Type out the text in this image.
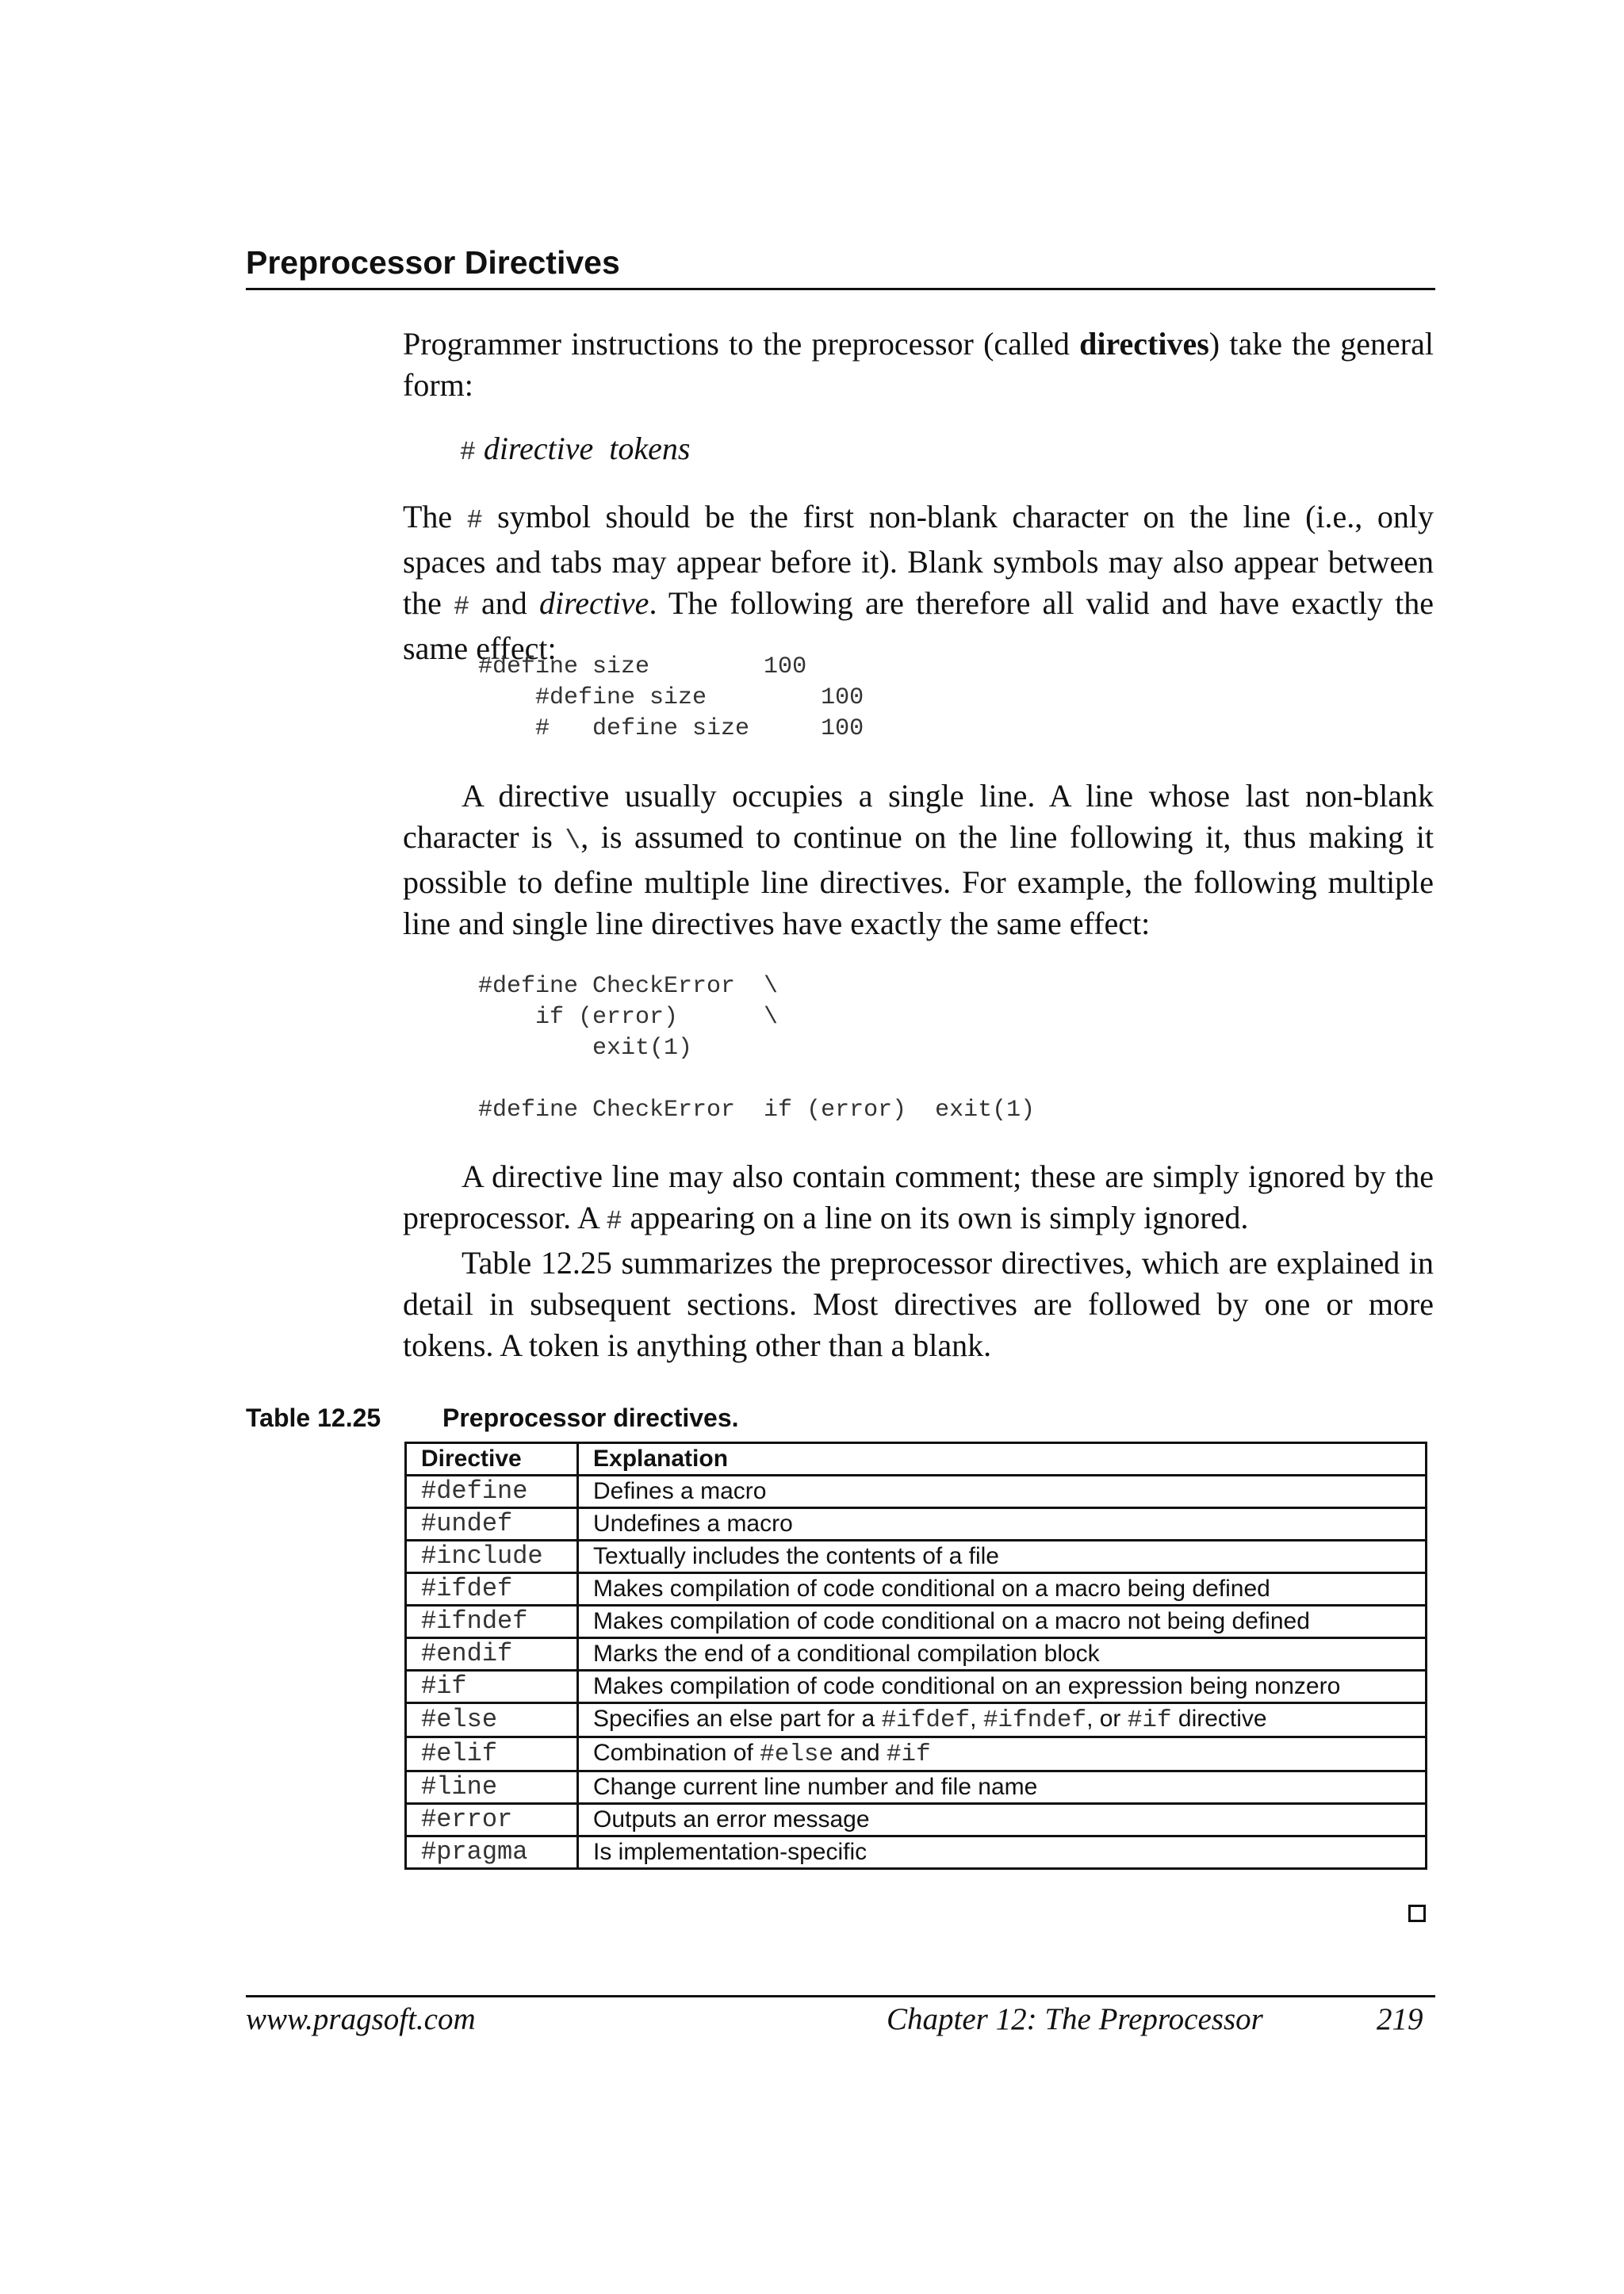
Preprocessor Directives

Programmer instructions to the preprocessor (called directives) take the general form:

# directive tokens

The # symbol should be the first non-blank character on the line (i.e., only spaces and tabs may appear before it). Blank symbols may also appear between the # and directive. The following are therefore all valid and have exactly the same effect:

#define size        100
#define size        100
#   define size     100

A directive usually occupies a single line. A line whose last non-blank character is \, is assumed to continue on the line following it, thus making it possible to define multiple line directives. For example, the following multiple line and single line directives have exactly the same effect:

#define CheckError  \
if (error)      \
exit(1)

#define CheckError  if (error)  exit(1)

A directive line may also contain comment; these are simply ignored by the preprocessor. A # appearing on a line on its own is simply ignored.

Table 12.25 summarizes the preprocessor directives, which are explained in detail in subsequent sections. Most directives are followed by one or more tokens. A token is anything other than a blank.

Table 12.25 Preprocessor directives.
Directive	Explanation
#define	Defines a macro
#undef	Undefines a macro
#include	Textually includes the contents of a file
#ifdef	Makes compilation of code conditional on a macro being defined
#ifndef	Makes compilation of code conditional on a macro not being defined
#endif	Marks the end of a conditional compilation block
#if	Makes compilation of code conditional on an expression being nonzero
#else	Specifies an else part for a #ifdef, #ifndef, or #if directive
#elif	Combination of #else and #if
#line	Change current line number and file name
#error	Outputs an error message
#pragma	Is implementation-specific
www.pragsoft.com	Chapter 12: The Preprocessor	219
